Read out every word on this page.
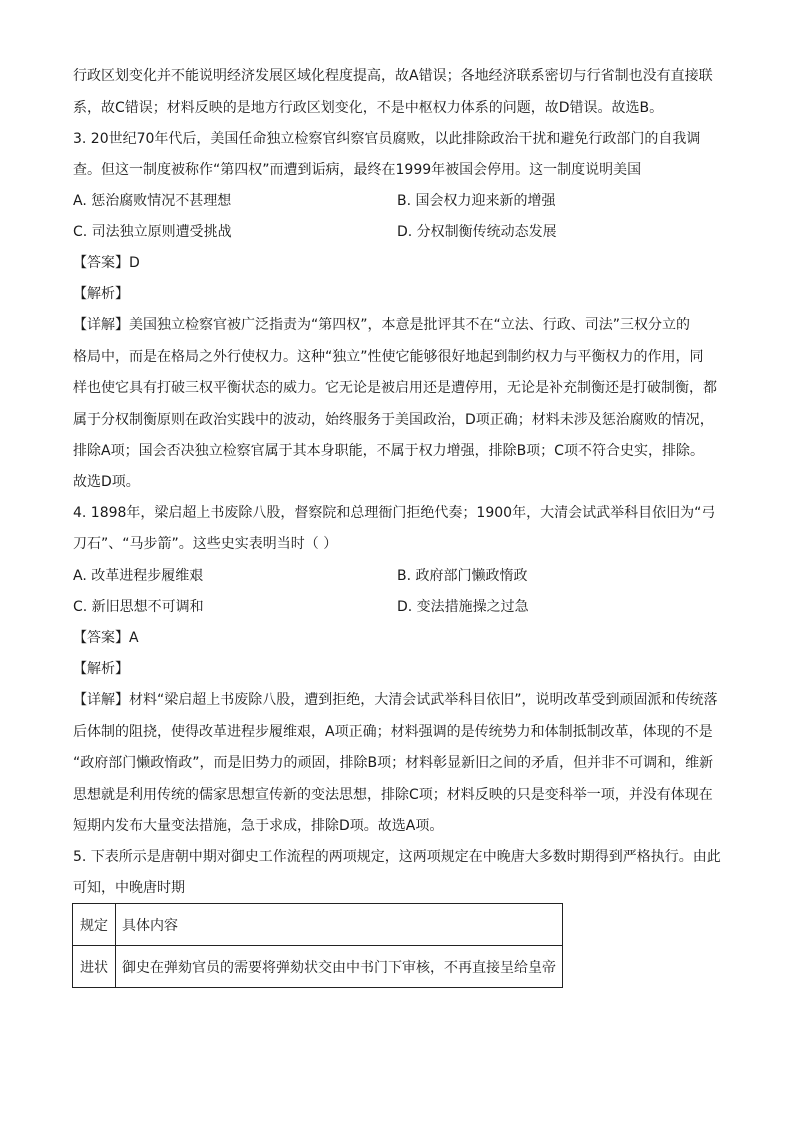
行政区划变化并不能说明经济发展区域化程度提高，故A错误；各地经济联系密切与行省制也没有直接联
系，故C错误；材料反映的是地方行政区划变化，不是中枢权力体系的问题，故D错误。故选B。
3. 20世纪70年代后，美国任命独立检察官纠察官员腐败，以此排除政治干扰和避免行政部门的自我调
查。但这一制度被称作“第四权”而遭到诟病，最终在1999年被国会停用。这一制度说明美国
A. 惩治腐败情况不甚理想	B. 国会权力迎来新的增强
C. 司法独立原则遭受挑战	D. 分权制衡传统动态发展
【答案】D
【解析】
【详解】美国独立检察官被广泛指责为“第四权”，本意是批评其不在“立法、行政、司法”三权分立的
格局中，而是在格局之外行使权力。这种“独立”性使它能够很好地起到制约权力与平衡权力的作用，同
样也使它具有打破三权平衡状态的威力。它无论是被启用还是遭停用，无论是补充制衡还是打破制衡，都
属于分权制衡原则在政治实践中的波动，始终服务于美国政治，D项正确；材料未涉及惩治腐败的情况，
排除A项；国会否决独立检察官属于其本身职能，不属于权力增强，排除B项；C项不符合史实，排除。
故选D项。
4. 1898年，梁启超上书废除八股，督察院和总理衙门拒绝代奏；1900年，大清会试武举科目依旧为“弓
刀石”、“马步箭”。这些史实表明当时（ ）
A. 改革进程步履维艰	B. 政府部门懒政惰政
C. 新旧思想不可调和	D. 变法措施操之过急
【答案】A
【解析】
【详解】材料“梁启超上书废除八股，遭到拒绝，大清会试武举科目依旧”，说明改革受到顽固派和传统落
后体制的阻挠，使得改革进程步履维艰，A项正确；材料强调的是传统势力和体制抵制改革，体现的不是
“政府部门懒政惰政”，而是旧势力的顽固，排除B项；材料彰显新旧之间的矛盾，但并非不可调和，维新
思想就是利用传统的儒家思想宣传新的变法思想，排除C项；材料反映的只是变科举一项，并没有体现在
短期内发布大量变法措施，急于求成，排除D项。故选A项。
5. 下表所示是唐朝中期对御史工作流程的两项规定，这两项规定在中晚唐大多数时期得到严格执行。由此
可知，中晚唐时期
规定	具体内容
进状	御史在弹劾官员的需要将弹劾状交由中书门下审核，不再直接呈给皇帝
